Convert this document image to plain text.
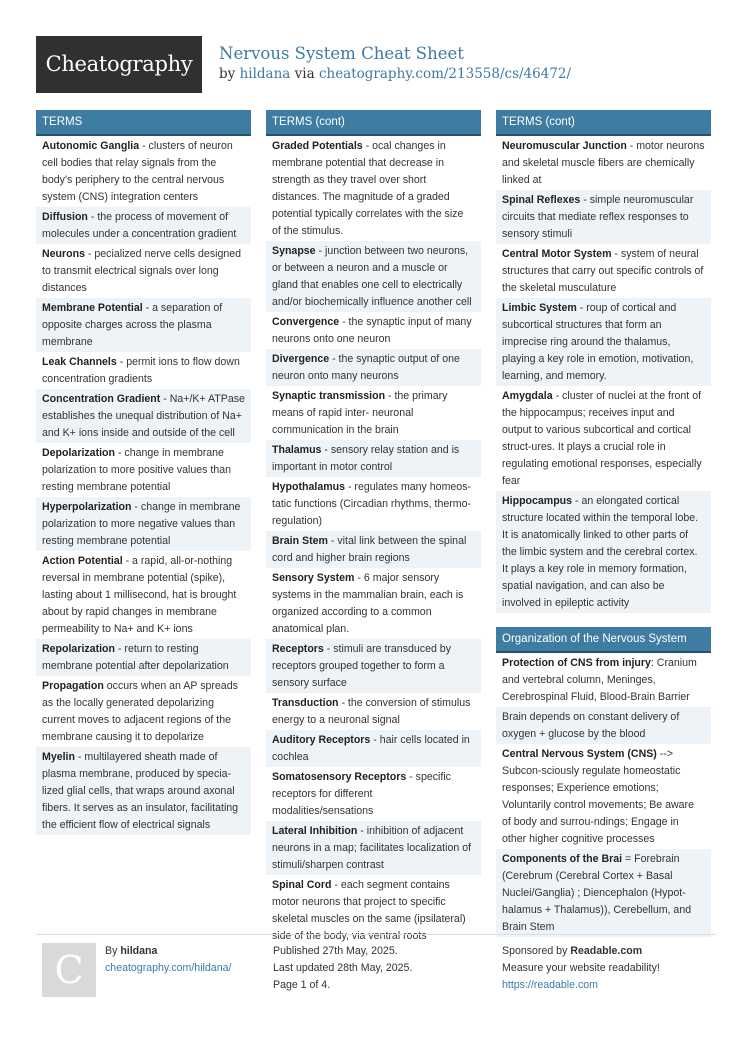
Cheatography	Nervous System Cheat Sheet
by hildana via cheatography.com/213558/cs/46472/
TERMS
Autonomic Ganglia - clusters of neuron cell bodies that relay signals from the body's periphery to the central nervous system (CNS) integration centers
Diffusion - the process of movement of molecules under a concentration gradient
Neurons - pecialized nerve cells designed to transmit electrical signals over long distances
Membrane Potential - a separation of opposite charges across the plasma membrane
Leak Channels - permit ions to flow down concentration gradients
Concentration Gradient - Na+/K+ ATPase establishes the unequal distribution of Na+ and K+ ions inside and outside of the cell
Depolarization - change in membrane polarization to more positive values than resting membrane potential
Hyperpolarization - change in membrane polarization to more negative values than resting membrane potential
Action Potential - a rapid, all-or-nothing reversal in membrane potential (spike), lasting about 1 millisecond, hat is brought about by rapid changes in membrane permeability to Na+ and K+ ions
Repolarization - return to resting membrane potential after depolarization
Propagation occurs when an AP spreads as the locally generated depolarizing current moves to adjacent regions of the membrane causing it to depolarize
Myelin - multilayered sheath made of plasma membrane, produced by specia-lized glial cells, that wraps around axonal fibers. It serves as an insulator, facilitating the efficient flow of electrical signals
TERMS (cont)
Graded Potentials - ocal changes in membrane potential that decrease in strength as they travel over short distances. The magnitude of a graded potential typically correlates with the size of the stimulus.
Synapse - junction between two neurons, or between a neuron and a muscle or gland that enables one cell to electrically and/or biochemically influence another cell
Convergence - the synaptic input of many neurons onto one neuron
Divergence - the synaptic output of one neuron onto many neurons
Synaptic transmission - the primary means of rapid inter- neuronal communication in the brain
Thalamus - sensory relay station and is important in motor control
Hypothalamus - regulates many homeos-tatic functions (Circadian rhythms, thermo-regulation)
Brain Stem - vital link between the spinal cord and higher brain regions
Sensory System - 6 major sensory systems in the mammalian brain, each is organized according to a common anatomical plan.
Receptors - stimuli are transduced by receptors grouped together to form a sensory surface
Transduction - the conversion of stimulus energy to a neuronal signal
Auditory Receptors - hair cells located in cochlea
Somatosensory Receptors - specific receptors for different modalities/sensations
Lateral Inhibition - inhibition of adjacent neurons in a map; facilitates localization of stimuli/sharpen contrast
Spinal Cord - each segment contains motor neurons that project to specific skeletal muscles on the same (ipsilateral) side of the body, via ventral roots
TERMS (cont)
Neuromuscular Junction - motor neurons and skeletal muscle fibers are chemically linked at
Spinal Reflexes - simple neuromuscular circuits that mediate reflex responses to sensory stimuli
Central Motor System - system of neural structures that carry out specific controls of the skeletal musculature
Limbic System - roup of cortical and subcortical structures that form an imprecise ring around the thalamus, playing a key role in emotion, motivation, learning, and memory.
Amygdala - cluster of nuclei at the front of the hippocampus; receives input and output to various subcortical and cortical struct-ures. It plays a crucial role in regulating emotional responses, especially fear
Hippocampus - an elongated cortical structure located within the temporal lobe. It is anatomically linked to other parts of the limbic system and the cerebral cortex. It plays a key role in memory formation, spatial navigation, and can also be involved in epileptic activity
Organization of the Nervous System
Protection of CNS from injury: Cranium and vertebral column, Meninges, Cerebrospinal Fluid, Blood-Brain Barrier
Brain depends on constant delivery of oxygen + glucose by the blood
Central Nervous System (CNS) --> Subcon-sciously regulate homeostatic responses; Experience emotions; Voluntarily control movements; Be aware of body and surrou-ndings; Engage in other higher cognitive processes
Components of the Brai = Forebrain (Cerebrum (Cerebral Cortex + Basal Nuclei/Ganglia) ; Diencephalon (Hypot-halamus + Thalamus)), Cerebellum, and Brain Stem
C	By hildana
cheatography.com/hildana/
Published 27th May, 2025.
Last updated 28th May, 2025.
Page 1 of 4.
Sponsored by Readable.com
Measure your website readability!
https://readable.com
